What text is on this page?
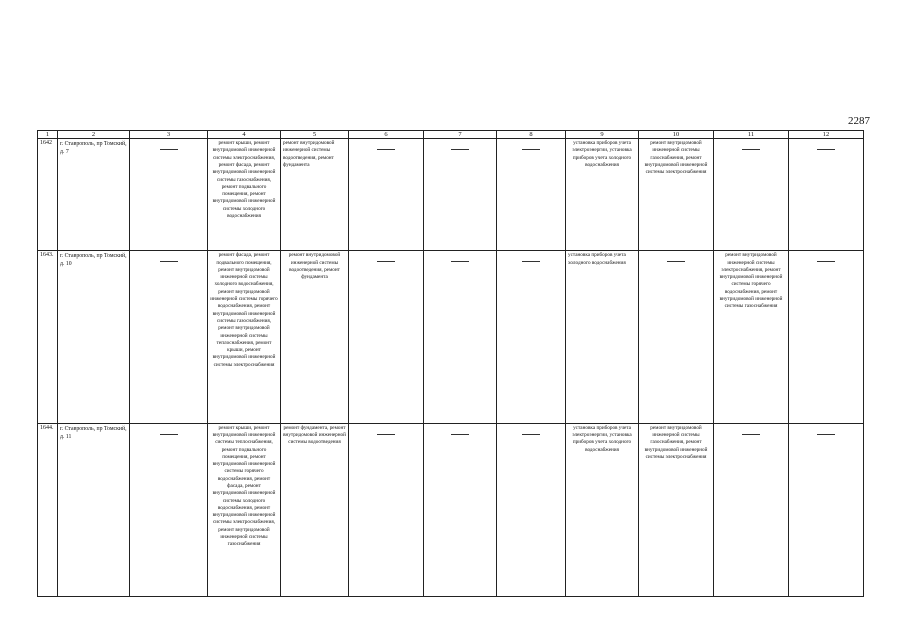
2287
1	2	3	4	5	6	7	8	9	10	11	12
1642	г. Ставрополь, пр Томский, д. 7		ремонт крыши, ремонт внутридомовой инженерной системы электроснабжения, ремонт фасада, ремонт внутридомовой инженерной системы газоснабжения, ремонт подвального помещения, ремонт внутридомовой инженерной системы холодного водоснабжения	ремонт внутридомовой инженерной системы водоотведения, ремонт фундамента				установка приборов учета электроэнергии, установка приборов учета холодного водоснабжения	ремонт внутридомовой инженерной системы газоснабжения, ремонт внутридомовой инженерной системы электроснабжения	

1643.	г. Ставрополь, пр Томский, д. 10		ремонт фасада, ремонт подвального помещения, ремонт внутридомовой инженерной системы холодного водоснабжения, ремонт внутридомовой инженерной системы горячего водоснабжения, ремонт внутридомовой инженерной системы газоснабжения, ремонт внутридомовой инженерной системы теплоснабжения, ремонт крыши, ремонт внутридомовой инженерной системы электроснабжения	ремонт внутридомовой инженерной системы водоотведения, ремонт фундамента				установка приборов учета холодного водоснабжения		ремонт внутридомовой инженерной системы электроснабжения, ремонт внутридомовой инженерной системы горячего водоснабжения, ремонт внутридомовой инженерной системы газоснабжения	

1644.	г. Ставрополь, пр Томский, д. 11		ремонт крыши, ремонт внутридомовой инженерной системы теплоснабжения, ремонт подвального помещения, ремонт внутридомовой инженерной системы горячего водоснабжения, ремонт фасада, ремонт внутридомовой инженерной системы холодного водоснабжения, ремонт внутридомовой инженерной системы электроснабжения, ремонт внутридомовой инженерной системы газоснабжения	ремонт фундамента, ремонт внутридомовой инженерной системы водоотведения				установка приборов учета электроэнергии, установка приборов учета холодного водоснабжения	ремонт внутридомовой инженерной системы газоснабжения, ремонт внутридомовой инженерной системы электроснабжения	
